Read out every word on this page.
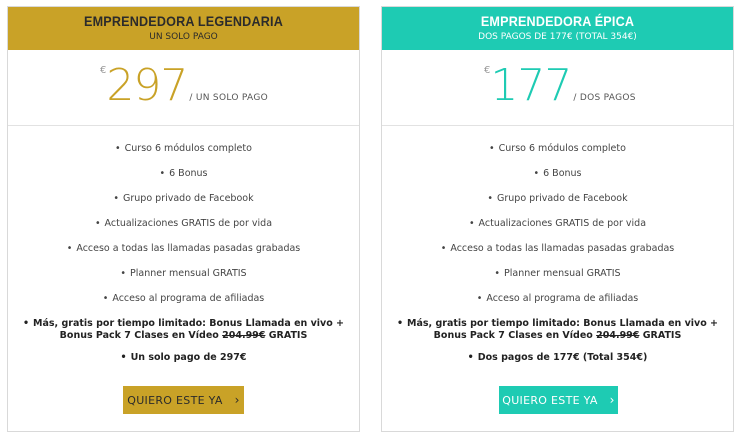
EMPRENDEDORA LEGENDARIA
UN SOLO PAGO
€297 / UN SOLO PAGO
• Curso 6 módulos completo
• 6 Bonus
• Grupo privado de Facebook
• Actualizaciones GRATIS de por vida
• Acceso a todas las llamadas pasadas grabadas
• Planner mensual GRATIS
• Acceso al programa de afiliadas
• Más, gratis por tiempo limitado: Bonus Llamada en vivo + Bonus Pack 7 Clases en Vídeo 204.99€ GRATIS
• Un solo pago de 297€
QUIERO ESTE YA ›
EMPRENDEDORA ÉPICA
DOS PAGOS DE 177€ (TOTAL 354€)
€177 / DOS PAGOS
• Curso 6 módulos completo
• 6 Bonus
• Grupo privado de Facebook
• Actualizaciones GRATIS de por vida
• Acceso a todas las llamadas pasadas grabadas
• Planner mensual GRATIS
• Acceso al programa de afiliadas
• Más, gratis por tiempo limitado: Bonus Llamada en vivo + Bonus Pack 7 Clases en Vídeo 204.99€ GRATIS
• Dos pagos de 177€ (Total 354€)
QUIERO ESTE YA ›
